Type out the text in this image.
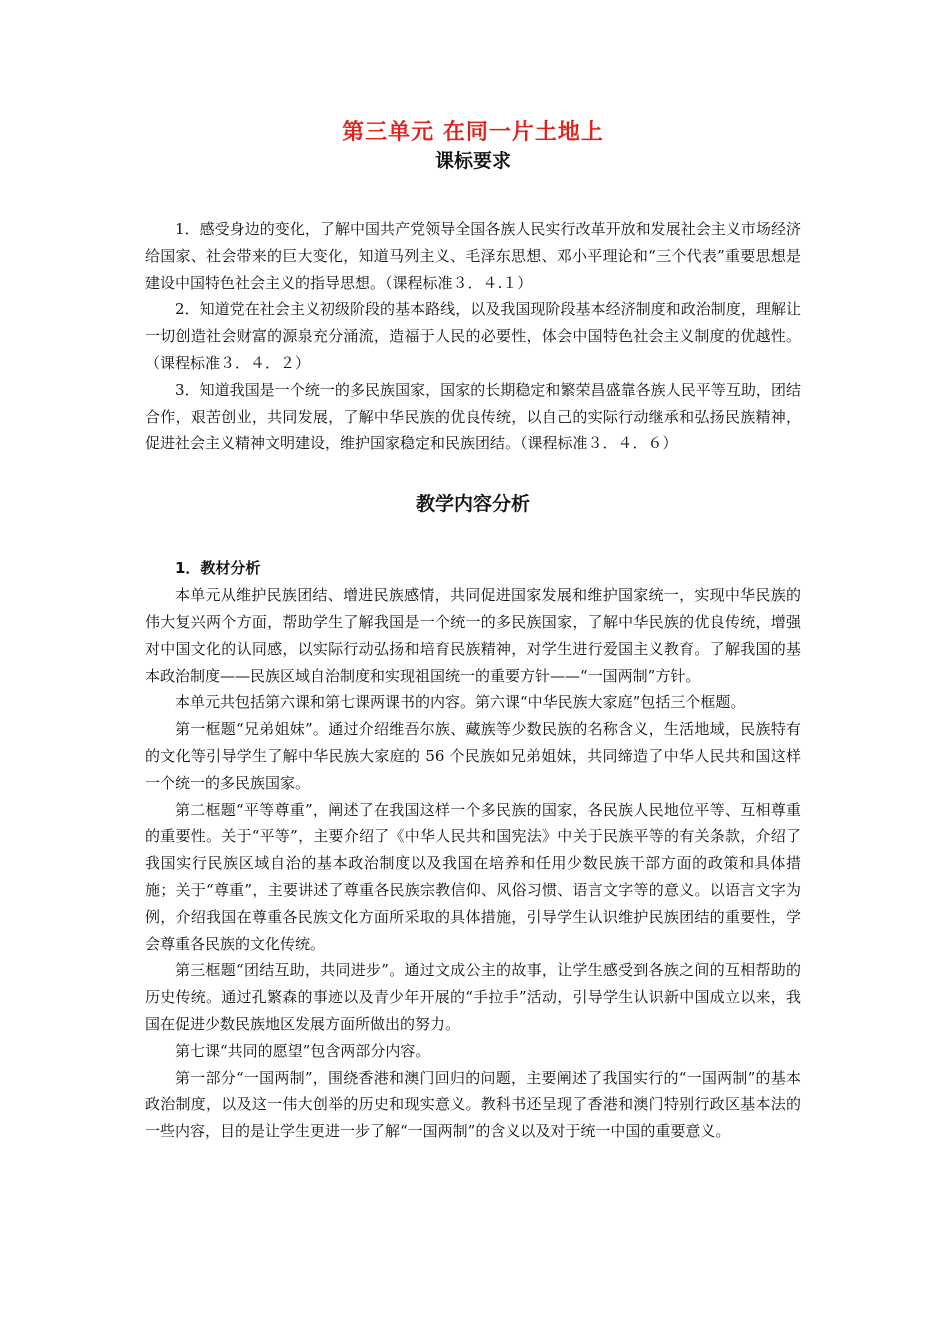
第三单元 在同一片土地上
课标要求

1．感受身边的变化，了解中国共产党领导全国各族人民实行改革开放和发展社会主义市场经济给国家、社会带来的巨大变化，知道马列主义、毛泽东思想、邓小平理论和“三个代表”重要思想是建设中国特色社会主义的指导思想。（课程标准３．４.１）

2．知道党在社会主义初级阶段的基本路线，以及我国现阶段基本经济制度和政治制度，理解让一切创造社会财富的源泉充分涌流，造福于人民的必要性，体会中国特色社会主义制度的优越性。（课程标准３．４．２）

3．知道我国是一个统一的多民族国家，国家的长期稳定和繁荣昌盛靠各族人民平等互助，团结合作，艰苦创业，共同发展，了解中华民族的优良传统，以自己的实际行动继承和弘扬民族精神，促进社会主义精神文明建设，维护国家稳定和民族团结。（课程标准３．４．６）

教学内容分析

1．教材分析

本单元从维护民族团结、增进民族感情，共同促进国家发展和维护国家统一，实现中华民族的伟大复兴两个方面，帮助学生了解我国是一个统一的多民族国家，了解中华民族的优良传统，增强对中国文化的认同感，以实际行动弘扬和培育民族精神，对学生进行爱国主义教育。了解我国的基本政治制度——民族区域自治制度和实现祖国统一的重要方针——“一国两制”方针。

本单元共包括第六课和第七课两课书的内容。第六课“中华民族大家庭”包括三个框题。

第一框题“兄弟姐妹”。通过介绍维吾尔族、藏族等少数民族的名称含义，生活地域，民族特有的文化等引导学生了解中华民族大家庭的 56 个民族如兄弟姐妹，共同缔造了中华人民共和国这样一个统一的多民族国家。

第二框题“平等尊重”，阐述了在我国这样一个多民族的国家，各民族人民地位平等、互相尊重的重要性。关于“平等”，主要介绍了《中华人民共和国宪法》中关于民族平等的有关条款，介绍了我国实行民族区域自治的基本政治制度以及我国在培养和任用少数民族干部方面的政策和具体措施；关于“尊重”，主要讲述了尊重各民族宗教信仰、风俗习惯、语言文字等的意义。以语言文字为例，介绍我国在尊重各民族文化方面所采取的具体措施，引导学生认识维护民族团结的重要性，学会尊重各民族的文化传统。

第三框题“团结互助，共同进步”。通过文成公主的故事，让学生感受到各族之间的互相帮助的历史传统。通过孔繁森的事迹以及青少年开展的“手拉手”活动，引导学生认识新中国成立以来，我国在促进少数民族地区发展方面所做出的努力。

第七课“共同的愿望”包含两部分内容。

第一部分“一国两制”，围绕香港和澳门回归的问题，主要阐述了我国实行的“一国两制”的基本政治制度，以及这一伟大创举的历史和现实意义。教科书还呈现了香港和澳门特别行政区基本法的一些内容，目的是让学生更进一步了解“一国两制”的含义以及对于统一中国的重要意义。
